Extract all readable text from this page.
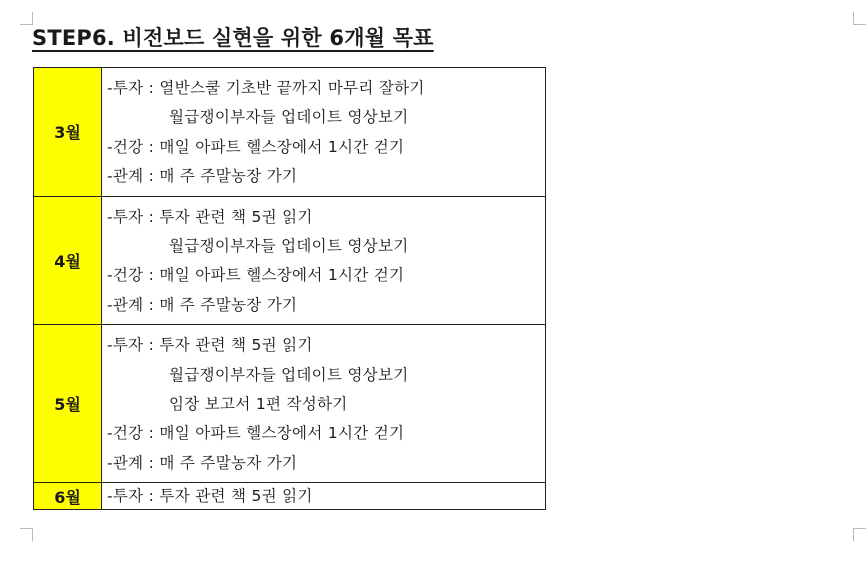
STEP6. 비전보드 실현을 위한 6개월 목표
3월	-투자 : 열반스쿨 기초반 끝까지 마무리 잘하기
월급쟁이부자들 업데이트 영상보기
-건강 : 매일 아파트 헬스장에서 1시간 걷기
-관계 : 매 주 주말농장 가기

4월	-투자 : 투자 관련 책 5권 읽기
월급쟁이부자들 업데이트 영상보기
-건강 : 매일 아파트 헬스장에서 1시간 걷기
-관계 : 매 주 주말농장 가기

5월	-투자 : 투자 관련 책 5권 읽기
월급쟁이부자들 업데이트 영상보기
임장 보고서 1편 작성하기
-건강 : 매일 아파트 헬스장에서 1시간 걷기
-관계 : 매 주 주말농자 가기

6월	-투자 : 투자 관련 책 5권 읽기
